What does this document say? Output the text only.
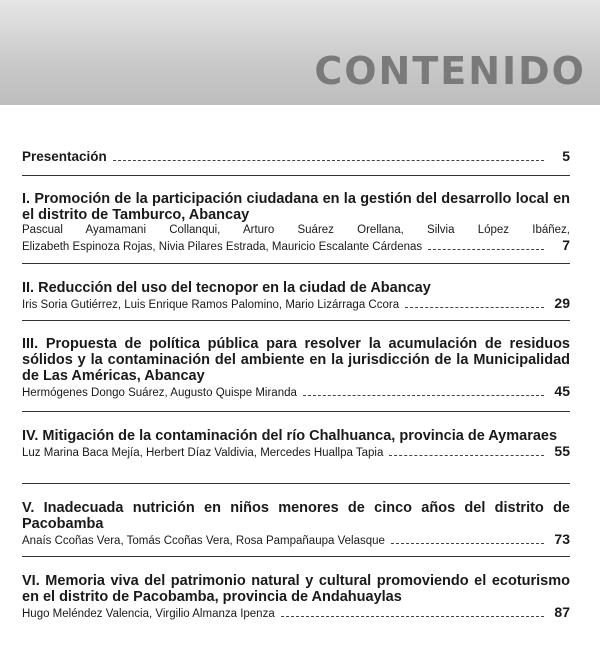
CONTENIDO
Presentación	5
I. Promoción de la participación ciudadana en la gestión del desarrollo local en el distrito de Tamburco, Abancay
Pascual Ayamamani Collanqui, Arturo Suárez Orellana, Silvia López Ibáñez,
Elizabeth Espinoza Rojas, Nivia Pilares Estrada, Mauricio Escalante Cárdenas	7
II. Reducción del uso del tecnopor en la ciudad de Abancay
Iris Soria Gutiérrez, Luis Enrique Ramos Palomino, Mario Lizárraga Ccora	29
III. Propuesta de política pública para resolver la acumulación de residuos sólidos y la contaminación del ambiente en la jurisdicción de la Municipalidad de Las Américas, Abancay
Hermógenes Dongo Suárez, Augusto Quispe Miranda	45
IV. Mitigación de la contaminación del río Chalhuanca, provincia de Aymaraes
Luz Marina Baca Mejía, Herbert Díaz Valdivia, Mercedes Huallpa Tapia	55
V. Inadecuada nutrición en niños menores de cinco años del distrito de Pacobamba
Anaís Ccoñas Vera, Tomás Ccoñas Vera, Rosa Pampañaupa Velasque	73
VI. Memoria viva del patrimonio natural y cultural promoviendo el ecoturismo en el distrito de Pacobamba, provincia de Andahuaylas
Hugo Meléndez Valencia, Virgilio Almanza Ipenza	87
